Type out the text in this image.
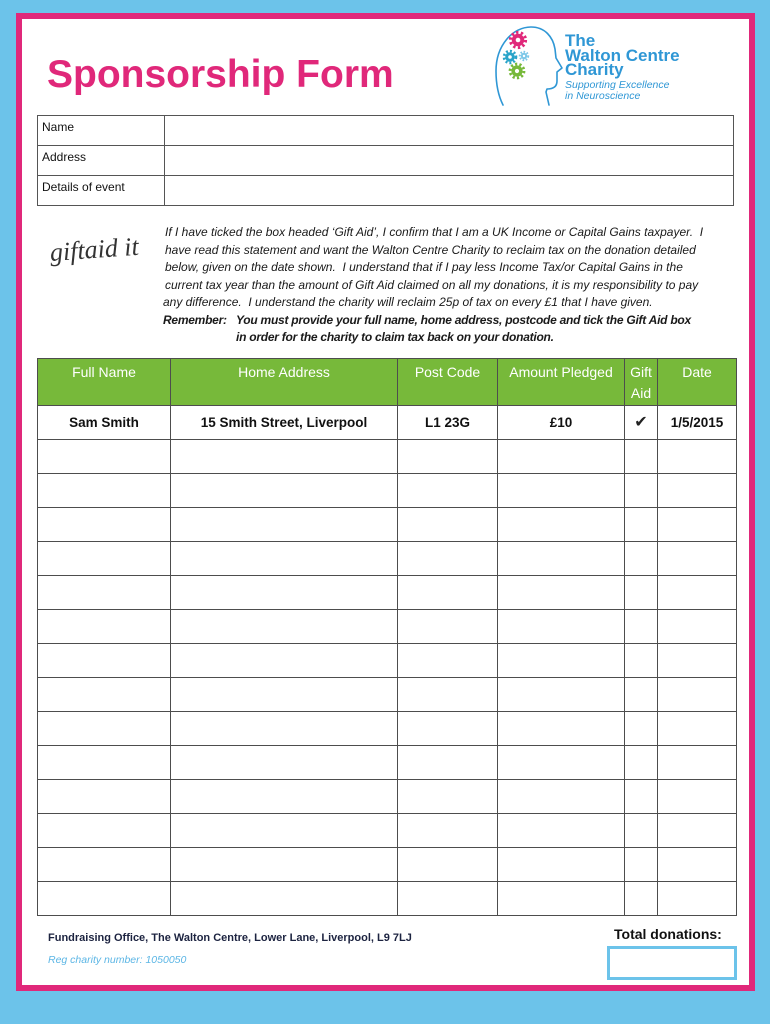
Sponsorship Form
The
Walton Centre
Charity
Supporting Excellence
in Neuroscience
Name	
Address	
Details of event	
giftaid it If I have ticked the box headed ‘Gift Aid’, I confirm that I am a UK Income or Capital Gains taxpayer.  I
have read this statement and want the Walton Centre Charity to reclaim tax on the donation detailed
below, given on the date shown.  I understand that if I pay less Income Tax/or Capital Gains in the
current tax year than the amount of Gift Aid claimed on all my donations, it is my responsibility to pay
any difference.  I understand the charity will reclaim 25p of tax on every £1 that I have given.
Remember: You must provide your full name, home address, postcode and tick the Gift Aid box
in order for the charity to claim tax back on your donation.
Full Name	Home Address	Post Code	Amount Pledged	Gift Aid	Date
Sam Smith	15 Smith Street, Liverpool	L1 23G	£10	✔	1/5/2015

Fundraising Office, The Walton Centre, Lower Lane, Liverpool, L9 7LJ
Reg charity number: 1050050
Total donations:
